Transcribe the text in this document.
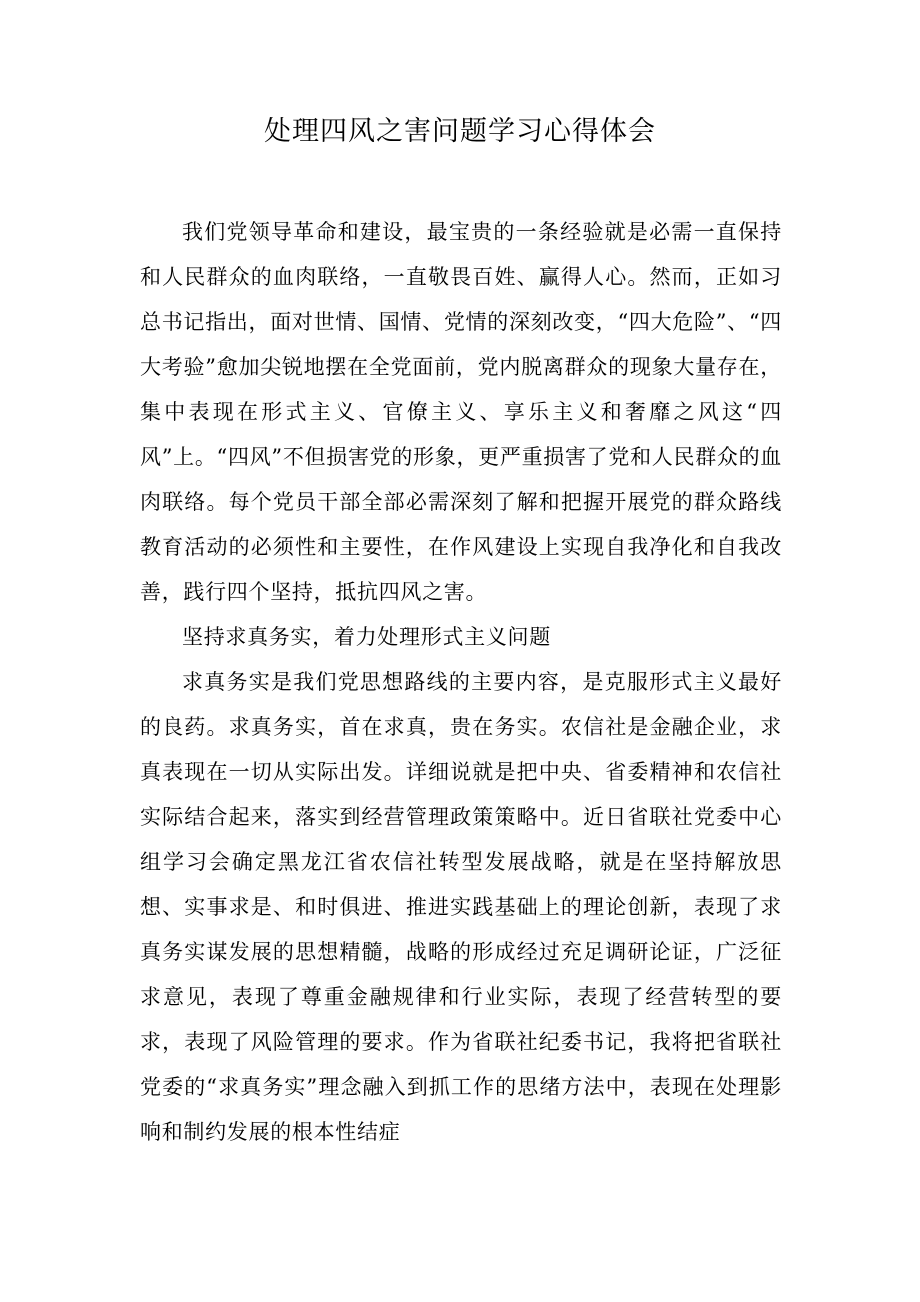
处理四风之害问题学习心得体会

我们党领导革命和建设，最宝贵的一条经验就是必需一直保持和人民群众的血肉联络，一直敬畏百姓、赢得人心。然而，正如习总书记指出，面对世情、国情、党情的深刻改变，“四大危险”、“四大考验”愈加尖锐地摆在全党面前，党内脱离群众的现象大量存在，集中表现在形式主义、官僚主义、享乐主义和奢靡之风这“四风”上。“四风”不但损害党的形象，更严重损害了党和人民群众的血肉联络。每个党员干部全部必需深刻了解和把握开展党的群众路线教育活动的必须性和主要性，在作风建设上实现自我净化和自我改善，践行四个坚持，抵抗四风之害。

坚持求真务实，着力处理形式主义问题

求真务实是我们党思想路线的主要内容，是克服形式主义最好的良药。求真务实，首在求真，贵在务实。农信社是金融企业，求真表现在一切从实际出发。详细说就是把中央、省委精神和农信社实际结合起来，落实到经营管理政策策略中。近日省联社党委中心组学习会确定黑龙江省农信社转型发展战略，就是在坚持解放思想、实事求是、和时俱进、推进实践基础上的理论创新，表现了求真务实谋发展的思想精髓，战略的形成经过充足调研论证，广泛征求意见，表现了尊重金融规律和行业实际，表现了经营转型的要求，表现了风险管理的要求。作为省联社纪委书记，我将把省联社党委的“求真务实”理念融入到抓工作的思绪方法中，表现在处理影响和制约发展的根本性结症
